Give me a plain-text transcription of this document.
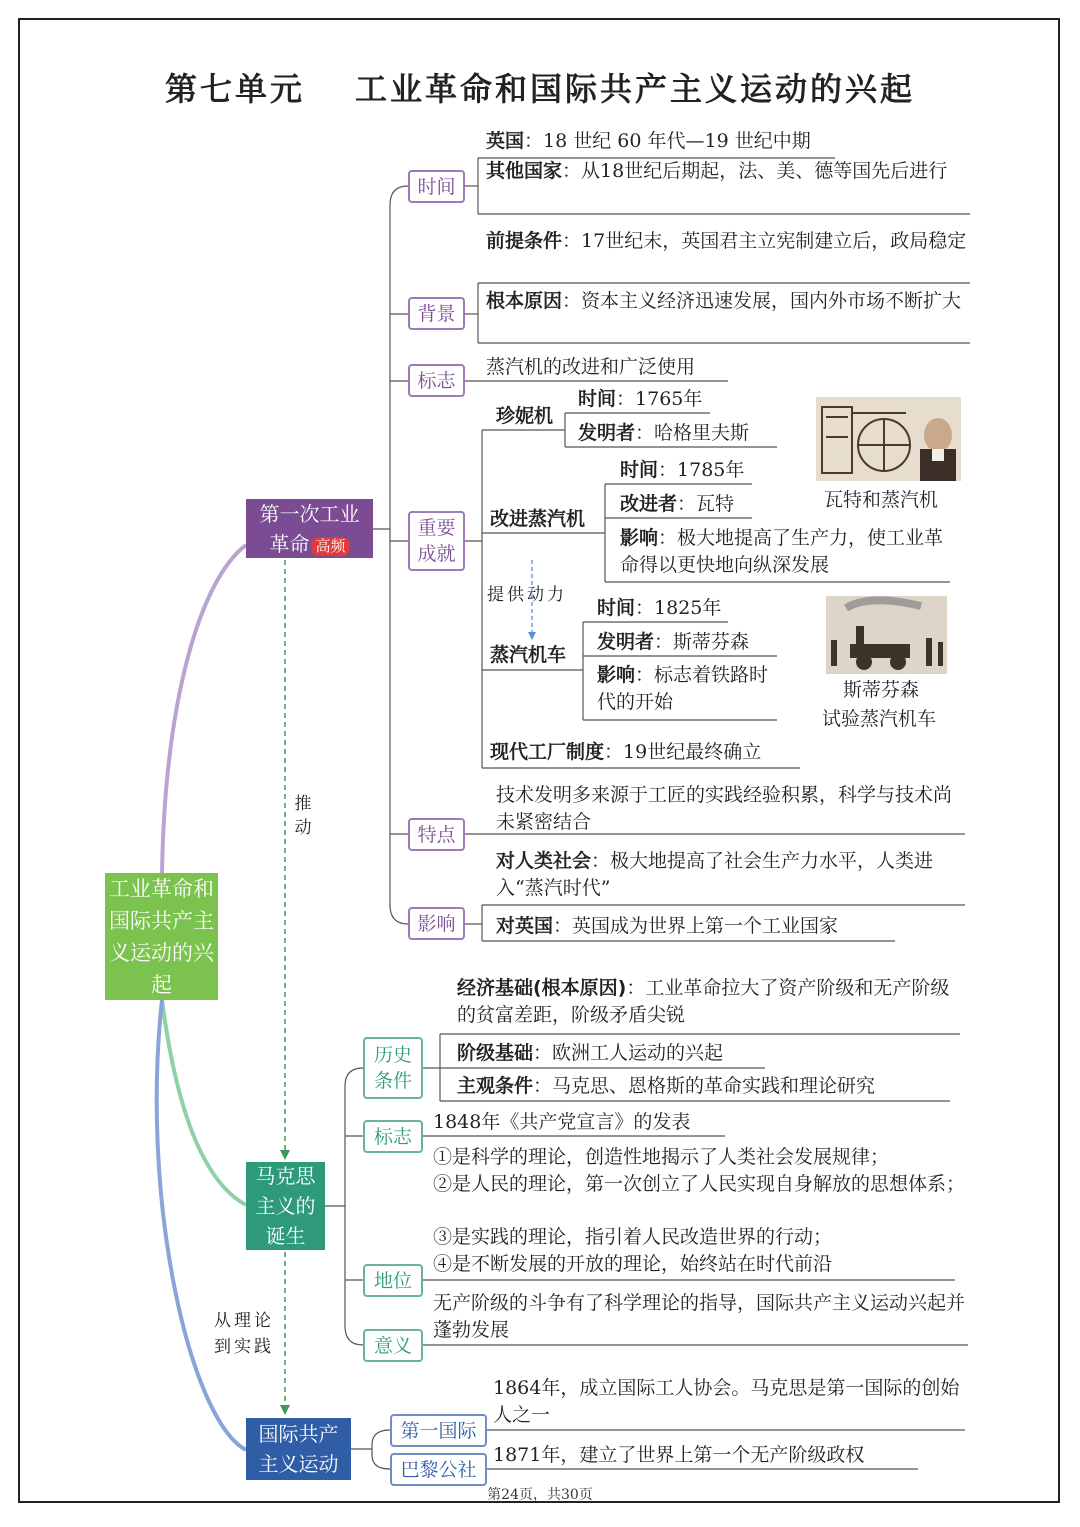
第七单元 工业革命和国际共产主义运动的兴起
工业革命和国际共产主义运动的兴起
第一次工业革命 高频
马克思主义的诞生
国际共产主义运动
推动
从理论到实践
提供动力
时间
背景
标志
重要成就
特点
影响
英国：18 世纪 60 年代—19 世纪中期
其他国家：从18世纪后期起，法、美、德等国先后进行
前提条件：17世纪末，英国君主立宪制建立后，政局稳定
根本原因：资本主义经济迅速发展，国内外市场不断扩大
蒸汽机的改进和广泛使用
珍妮机
时间：1765年
发明者：哈格里夫斯
改进蒸汽机
时间：1785年
改进者：瓦特
影响：极大地提高了生产力，使工业革命得以更快地向纵深发展
蒸汽机车
时间：1825年
发明者：斯蒂芬森
影响：标志着铁路时代的开始
现代工厂制度：19世纪最终确立
瓦特和蒸汽机
斯蒂芬森
试验蒸汽机车
技术发明多来源于工匠的实践经验积累，科学与技术尚未紧密结合
对人类社会：极大地提高了社会生产力水平，人类进入“蒸汽时代”
对英国：英国成为世界上第一个工业国家
历史条件
标志
地位
意义
经济基础(根本原因)：工业革命拉大了资产阶级和无产阶级的贫富差距，阶级矛盾尖锐
阶级基础：欧洲工人运动的兴起
主观条件：马克思、恩格斯的革命实践和理论研究
1848年《共产党宣言》的发表
①是科学的理论，创造性地揭示了人类社会发展规律；
②是人民的理论，第一次创立了人民实现自身解放的思想体系；
③是实践的理论，指引着人民改造世界的行动；
④是不断发展的开放的理论，始终站在时代前沿
无产阶级的斗争有了科学理论的指导，国际共产主义运动兴起并蓬勃发展
第一国际
巴黎公社
1864年，成立国际工人协会。马克思是第一国际的创始人之一
1871年，建立了世界上第一个无产阶级政权
第24页，共30页
